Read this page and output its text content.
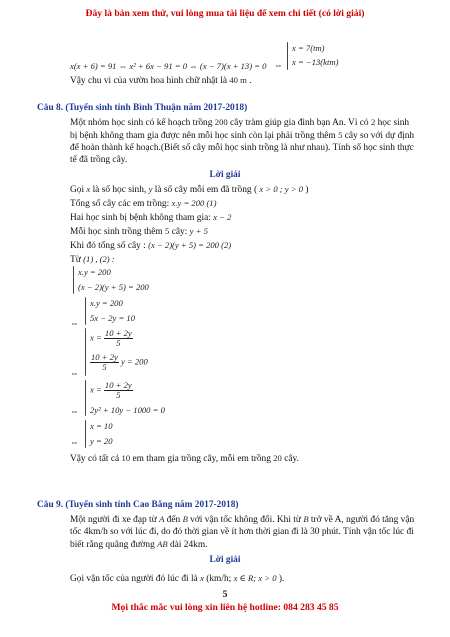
Đây là bản xem thử, vui lòng mua tài liệu để xem chi tiết (có lời giải)
x(x + 6) = 91 ⇔ x² + 6x − 91 = 0 ⇔ (x − 7)(x + 13) = 0 ⇔
x = 7(tm)
x = −13(ktm)
Vậy chu vi của vườn hoa hình chữ nhật là 40 m .
Câu 8. (Tuyển sinh tỉnh Bình Thuận năm 2017-2018)
Một nhóm học sinh có kế hoạch trồng 200 cây tràm giúp gia đình bạn An. Vì có 2 học sinh bị bệnh không tham gia được nên mỗi học sinh còn lại phải trồng thêm 5 cây so với dự định để hoàn thành kế hoạch.(Biết số cây mỗi học sinh trồng là như nhau). Tính số học sinh thực tế đã trồng cây.
Lời giải
Gọi x là số học sinh, y là số cây mỗi em đã trồng ( x > 0 ; y > 0 )
Tổng số cây các em trồng: x.y = 200 (1)
Hai học sinh bị bệnh không tham gia: x − 2
Mỗi học sinh trồng thêm 5 cây: y + 5
Khi đó tổng số cây : (x − 2)(y + 5) = 200 (2)
Từ (1) , (2) :
x.y = 200
(x − 2)(y + 5) = 200
⇔
x.y = 200
5x − 2y = 10
⇔
$x = \frac{10 + 2y}{5}$
$\frac{10 + 2y}{5}$ y = 200
⇔
$x = \frac{10 + 2y}{5}$
2y² + 10y − 1000 = 0
⇔
x = 10
y = 20
Vậy có tất cả 10 em tham gia trồng cây, mỗi em trồng 20 cây.
Câu 9. (Tuyển sinh tỉnh Cao Bằng năm 2017-2018)
Một người đi xe đạp từ A đến B với vận tốc không đổi. Khi từ B trở về A, người đó tăng vận tốc 4km/h so với lúc đi, do đó thời gian về ít hơn thời gian đi là 30 phút. Tính vận tốc lúc đi biết rằng quãng đường AB dài 24km.
Lời giải
Gọi vận tốc của người đó lúc đi là x (km/h; x ∈ R; x > 0 ).
5
Mọi thắc mắc vui lòng xin liên hệ hotline: 084 283 45 85
